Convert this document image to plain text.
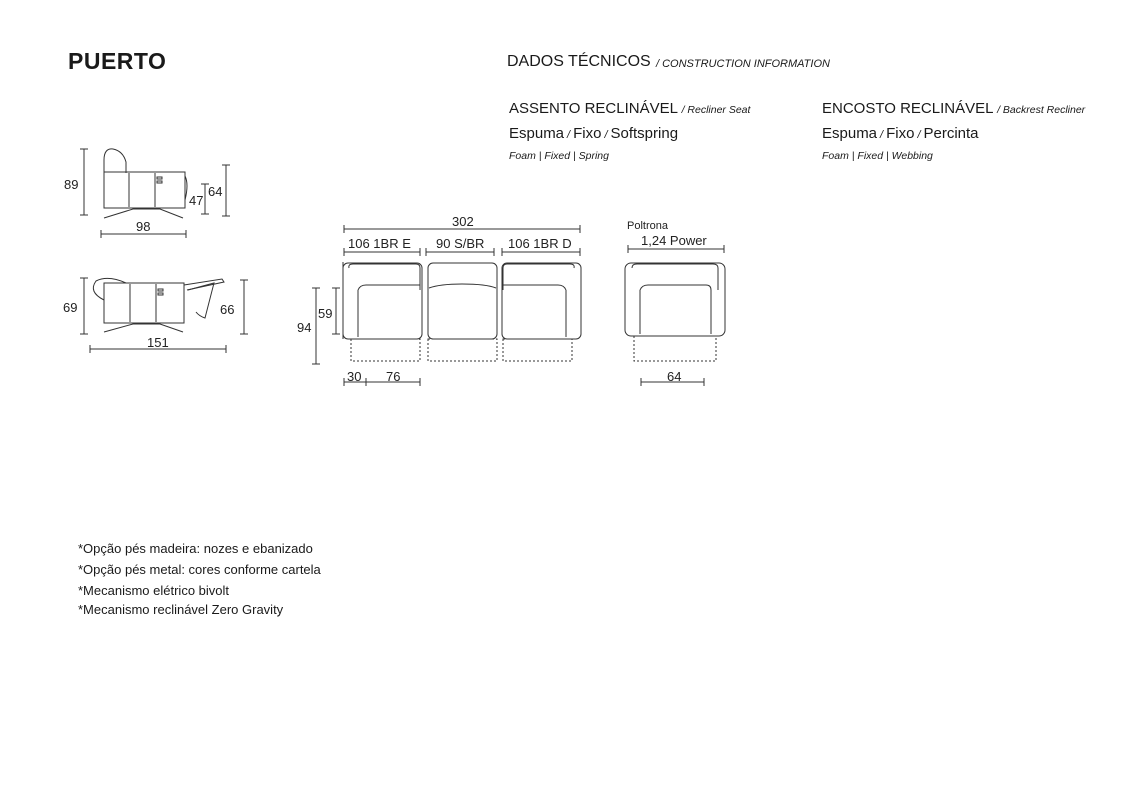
PUERTO	DADOS TÉCNICOS / CONSTRUCTION INFORMATION
ASSENTO RECLINÁVEL / Recliner Seat
Espuma / Fixo / Softspring
Foam | Fixed | Spring
ENCOSTO RECLINÁVEL / Backrest Recliner
Espuma / Fixo / Percinta
Foam | Fixed | Webbing
89
47
64
98
69	66
151
302
106 1BR E 90 S/BR 106 1BR D
94
59
30 76
Poltrona
1,24 Power
64
*Opção pés madeira: nozes e ebanizado
*Opção pés metal: cores conforme cartela
*Mecanismo elétrico bivolt
*Mecanismo reclinável Zero Gravity
